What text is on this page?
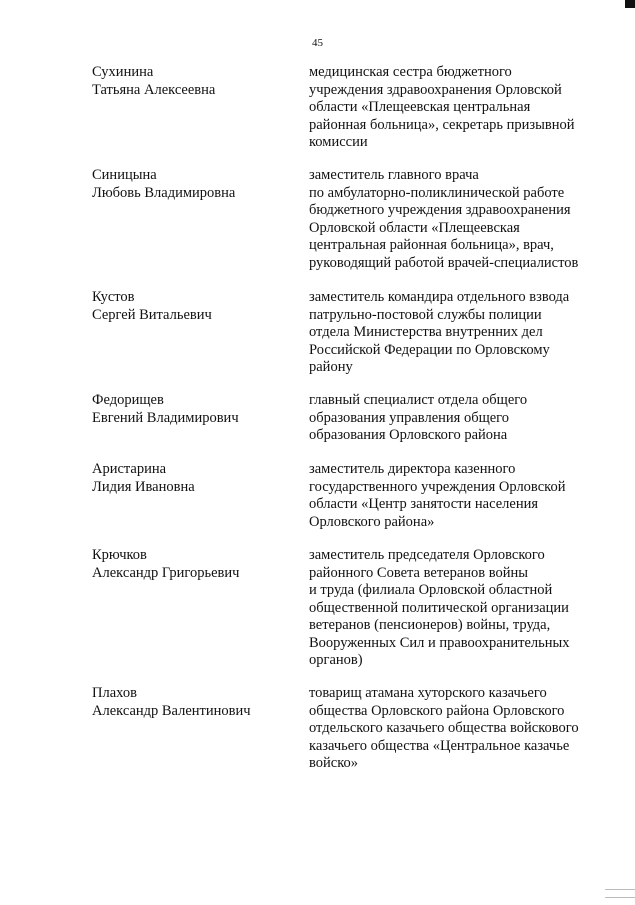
45
Сухинина
Татьяна Алексеевна
медицинская сестра бюджетного
учреждения здравоохранения Орловской
области «Плещеевская центральная
районная больница», секретарь призывной
комиссии
Синицына
Любовь Владимировна
заместитель главного врача
по амбулаторно-поликлинической работе
бюджетного учреждения здравоохранения
Орловской области «Плещеевская
центральная районная больница», врач,
руководящий работой врачей-специалистов
Кустов
Сергей Витальевич
заместитель командира отдельного взвода
патрульно-постовой службы полиции
отдела Министерства внутренних дел
Российской Федерации по Орловскому
району
Федорищев
Евгений Владимирович
главный специалист отдела общего
образования управления общего
образования Орловского района
Аристарина
Лидия Ивановна
заместитель директора казенного
государственного учреждения Орловской
области «Центр занятости населения
Орловского района»
Крючков
Александр Григорьевич
заместитель председателя Орловского
районного Совета ветеранов войны
и труда (филиала Орловской областной
общественной политической организации
ветеранов (пенсионеров) войны, труда,
Вооруженных Сил и правоохранительных
органов)
Плахов
Александр Валентинович
товарищ атамана хуторского казачьего
общества Орловского района Орловского
отдельского казачьего общества войскового
казачьего общества «Центральное казачье
войско»
